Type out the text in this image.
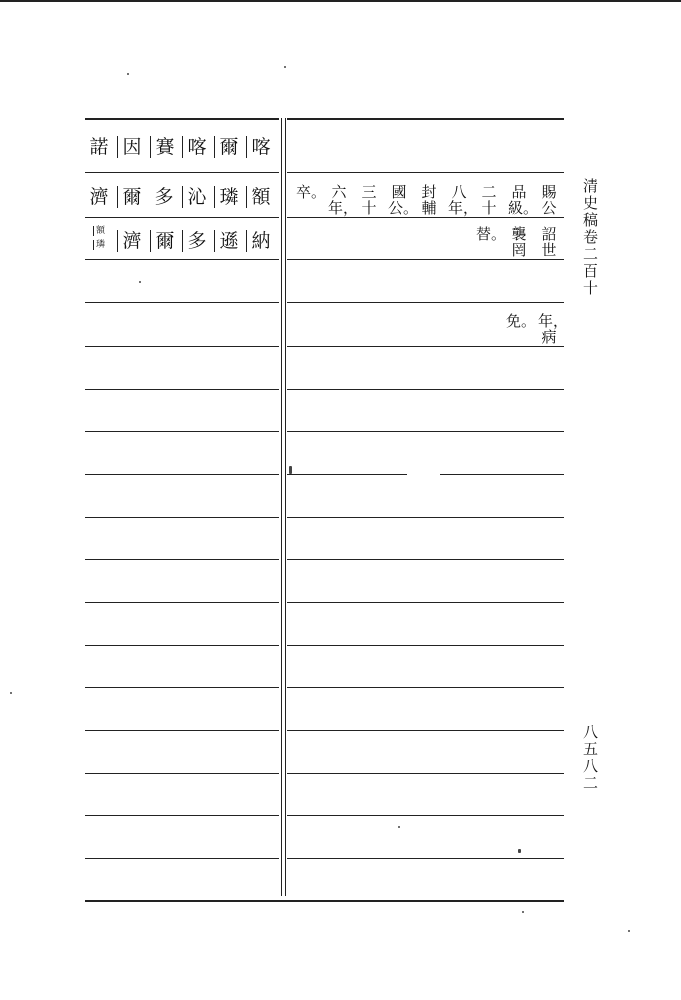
清史稿卷二百十
八五八二
諾 因 賽 喀 爾 喀
濟 爾 多 沁 璘 額
額
璘 濟 爾 多 遜 納
賜
公
品
級。
二
十
八
年，
封
輔
國
公。
三
十
六
年，
卒。
詔
世
襲
罔
替。
年，
病
免。
